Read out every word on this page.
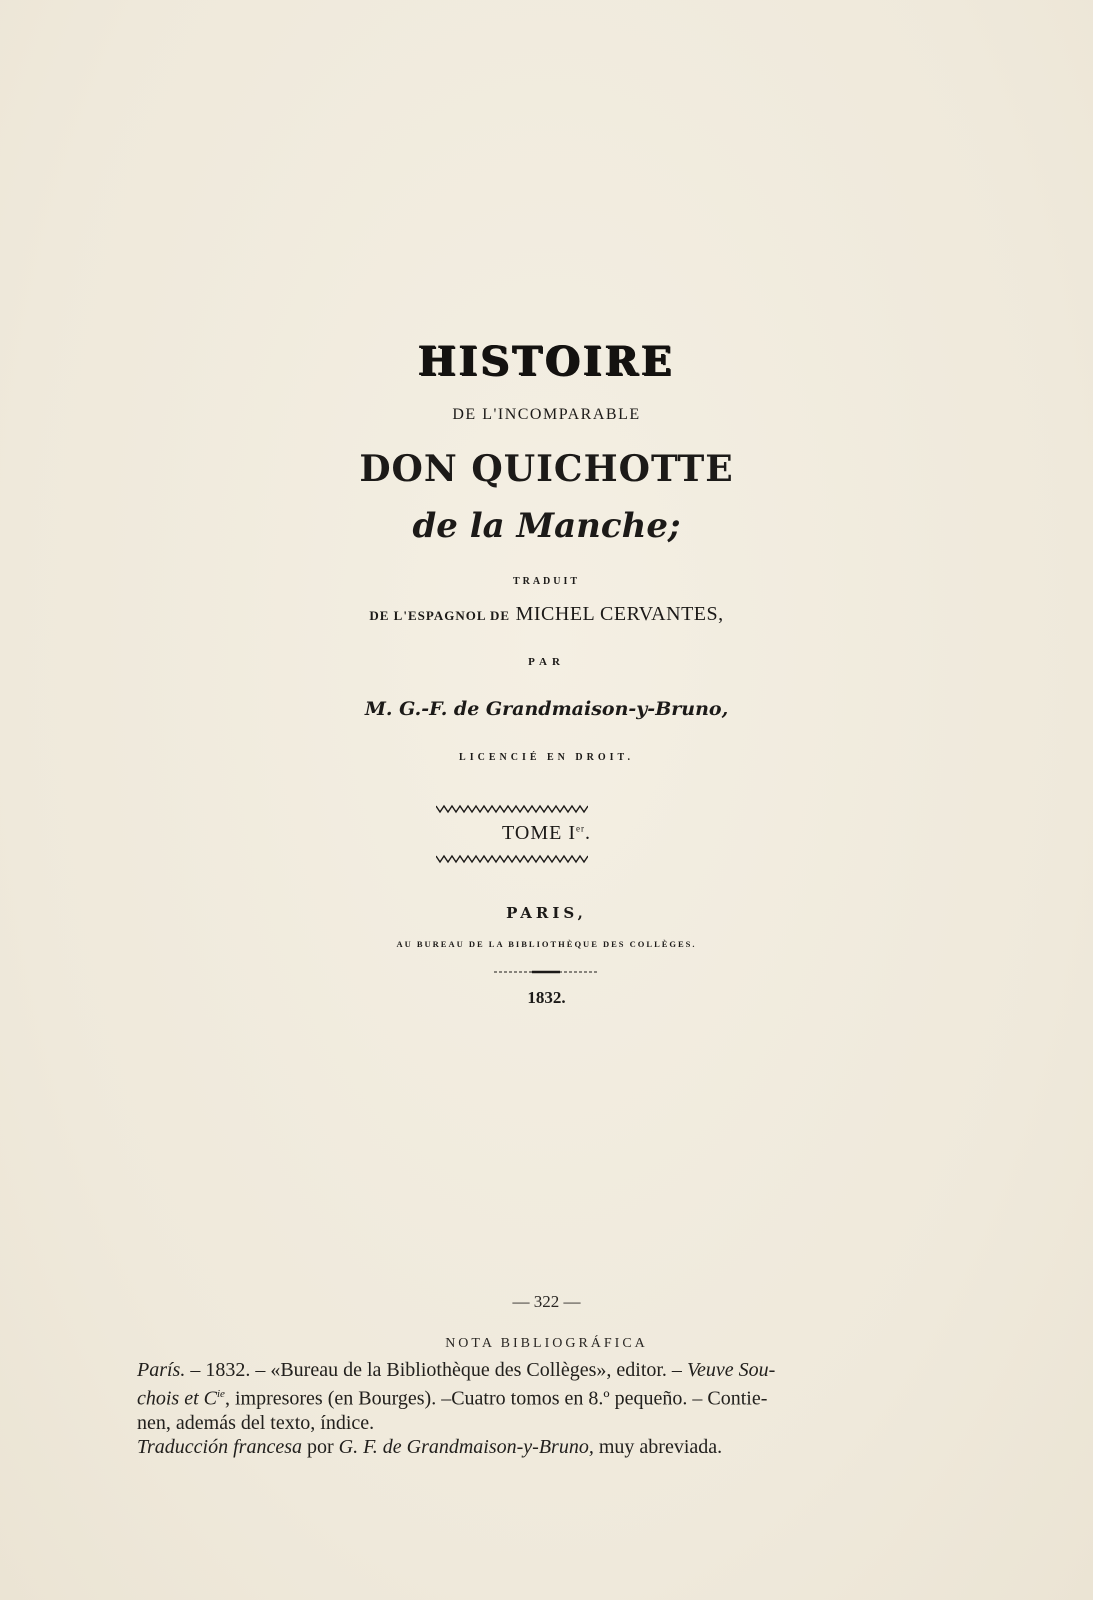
HISTOIRE
DE L'INCOMPARABLE
DON QUICHOTTE
de la Manche;
TRADUIT
DE L'ESPAGNOL DE MICHEL CERVANTES,
PAR
M. G.-F. de Grandmaison-y-Bruno,
LICENCIÉ EN DROIT.
TOME Ier.
PARIS,
AU BUREAU DE LA BIBLIOTHÈQUE DES COLLÈGES.
1832.
— 322 —
NOTA BIBLIOGRÁFICA

París. – 1832. – «Bureau de la Bibliothèque des Collèges», editor. – Veuve Sou-

chois et $C^{ie}$, impresores (en Bourges). –Cuatro tomos en 8.º pequeño. – Contie-

nen, además del texto, índice.

Traducción francesa por G. F. de Grandmaison-y-Bruno, muy abreviada.
